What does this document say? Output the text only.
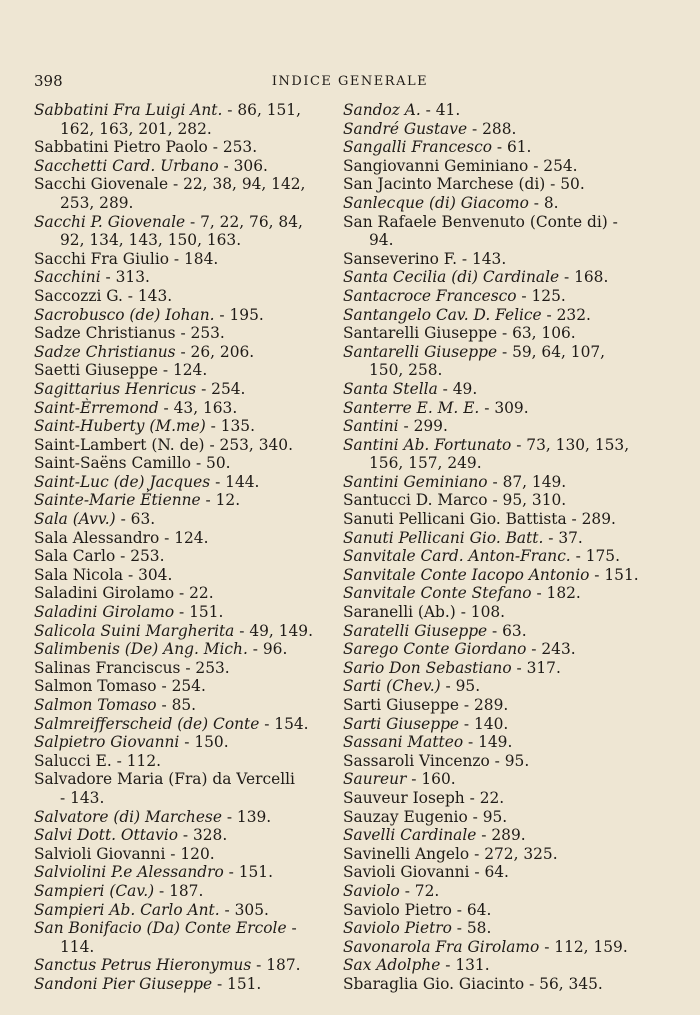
398	INDICE GENERALE

Sabbatini Fra Luigi Ant. - 86, 151,
162, 163, 201, 282.

Sabbatini Pietro Paolo - 253.

Sacchetti Card. Urbano - 306.

Sacchi Giovenale - 22, 38, 94, 142,
253, 289.

Sacchi P. Giovenale - 7, 22, 76, 84,
92, 134, 143, 150, 163.

Sacchi Fra Giulio - 184.

Sacchini - 313.

Saccozzi G. - 143.

Sacrobusco (de) Iohan. - 195.

Sadze Christianus - 253.

Sadze Christianus - 26, 206.

Saetti Giuseppe - 124.

Sagittarius Henricus - 254.

Saint-Èrremond - 43, 163.

Saint-Huberty (M.me) - 135.

Saint-Lambert (N. de) - 253, 340.

Saint-Saëns Camillo - 50.

Saint-Luc (de) Jacques - 144.

Sainte-Marie Étienne - 12.

Sala (Avv.) - 63.

Sala Alessandro - 124.

Sala Carlo - 253.

Sala Nicola - 304.

Saladini Girolamo - 22.

Saladini Girolamo - 151.

Salicola Suini Margherita - 49, 149.

Salimbenis (De) Ang. Mich. - 96.

Salinas Franciscus - 253.

Salmon Tomaso - 254.

Salmon Tomaso - 85.

Salmreifferscheid (de) Conte - 154.

Salpietro Giovanni - 150.

Salucci E. - 112.

Salvadore Maria (Fra) da Vercelli
- 143.

Salvatore (di) Marchese - 139.

Salvi Dott. Ottavio - 328.

Salvioli Giovanni - 120.

Salviolini P.e Alessandro - 151.

Sampieri (Cav.) - 187.

Sampieri Ab. Carlo Ant. - 305.

San Bonifacio (Da) Conte Ercole -
114.

Sanctus Petrus Hieronymus - 187.

Sandoni Pier Giuseppe - 151.

Sandoz A. - 41.

Sandré Gustave - 288.

Sangalli Francesco - 61.

Sangiovanni Geminiano - 254.

San Jacinto Marchese (di) - 50.

Sanlecque (di) Giacomo - 8.

San Rafaele Benvenuto (Conte di) -
94.

Sanseverino F. - 143.

Santa Cecilia (di) Cardinale - 168.

Santacroce Francesco - 125.

Santangelo Cav. D. Felice - 232.

Santarelli Giuseppe - 63, 106.

Santarelli Giuseppe - 59, 64, 107,
150, 258.

Santa Stella - 49.

Santerre E. M. E. - 309.

Santini - 299.

Santini Ab. Fortunato - 73, 130, 153,
156, 157, 249.

Santini Geminiano - 87, 149.

Santucci D. Marco - 95, 310.

Sanuti Pellicani Gio. Battista - 289.

Sanuti Pellicani Gio. Batt. - 37.

Sanvitale Card. Anton-Franc. - 175.

Sanvitale Conte Iacopo Antonio - 151.

Sanvitale Conte Stefano - 182.

Saranelli (Ab.) - 108.

Saratelli Giuseppe - 63.

Sarego Conte Giordano - 243.

Sario Don Sebastiano - 317.

Sarti (Chev.) - 95.

Sarti Giuseppe - 289.

Sarti Giuseppe - 140.

Sassani Matteo - 149.

Sassaroli Vincenzo - 95.

Saureur - 160.

Sauveur Ioseph - 22.

Sauzay Eugenio - 95.

Savelli Cardinale - 289.

Savinelli Angelo - 272, 325.

Savioli Giovanni - 64.

Saviolo - 72.

Saviolo Pietro - 64.

Saviolo Pietro - 58.

Savonarola Fra Girolamo - 112, 159.

Sax Adolphe - 131.

Sbaraglia Gio. Giacinto - 56, 345.
